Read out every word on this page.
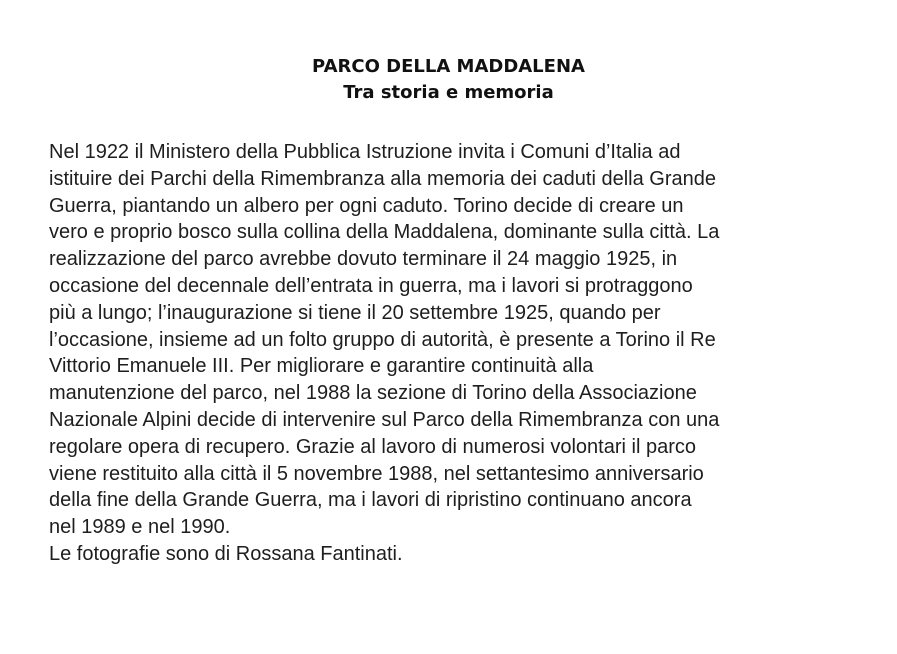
PARCO DELLA MADDALENA

Tra storia e memoria

Nel 1922 il Ministero della Pubblica Istruzione invita i Comuni d’Italia ad
istituire dei Parchi della Rimembranza alla memoria dei caduti della Grande
Guerra, piantando un albero per ogni caduto. Torino decide di creare un
vero e proprio bosco sulla collina della Maddalena, dominante sulla città. La
realizzazione del parco avrebbe dovuto terminare il 24 maggio 1925, in
occasione del decennale dell’entrata in guerra, ma i lavori si protraggono
più a lungo; l’inaugurazione si tiene il 20 settembre 1925, quando per
l’occasione, insieme ad un folto gruppo di autorità, è presente a Torino il Re
Vittorio Emanuele III. Per migliorare e garantire continuità alla
manutenzione del parco, nel 1988 la sezione di Torino della Associazione
Nazionale Alpini decide di intervenire sul Parco della Rimembranza con una
regolare opera di recupero. Grazie al lavoro di numerosi volontari il parco
viene restituito alla città il 5 novembre 1988, nel settantesimo anniversario
della fine della Grande Guerra, ma i lavori di ripristino continuano ancora
nel 1989 e nel 1990.
Le fotografie sono di Rossana Fantinati.
